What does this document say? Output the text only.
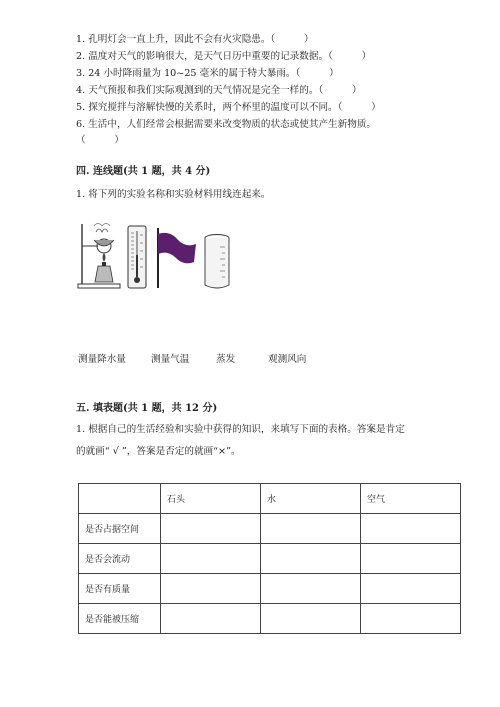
1. 孔明灯会一直上升，因此不会有火灾隐患。（　　　）
2. 温度对天气的影响很大，是天气日历中重要的记录数据。（　　　）
3. 24 小时降雨量为 10~25 毫米的属于特大暴雨。（　　　）
4. 天气预报和我们实际观测到的天气情况是完全一样的。（　　　）
5. 探究搅拌与溶解快慢的关系时，两个杯里的温度可以不同。（　　　）
6. 生活中，人们经常会根据需要来改变物质的状态或使其产生新物质。
（　　　）
四. 连线题(共 1 题，共 4 分)
1. 将下列的实验名称和实验材料用线连起来。
测量降水量	测量气温	蒸发	观测风向
五. 填表题(共 1 题，共 12 分)
1. 根据自己的生活经验和实验中获得的知识，来填写下面的表格。答案是肯定
的就画“ √ ”，答案是否定的就画“×”。
	石头	水	空气
是否占据空间			
是否会流动			
是否有质量			
是否能被压缩			
